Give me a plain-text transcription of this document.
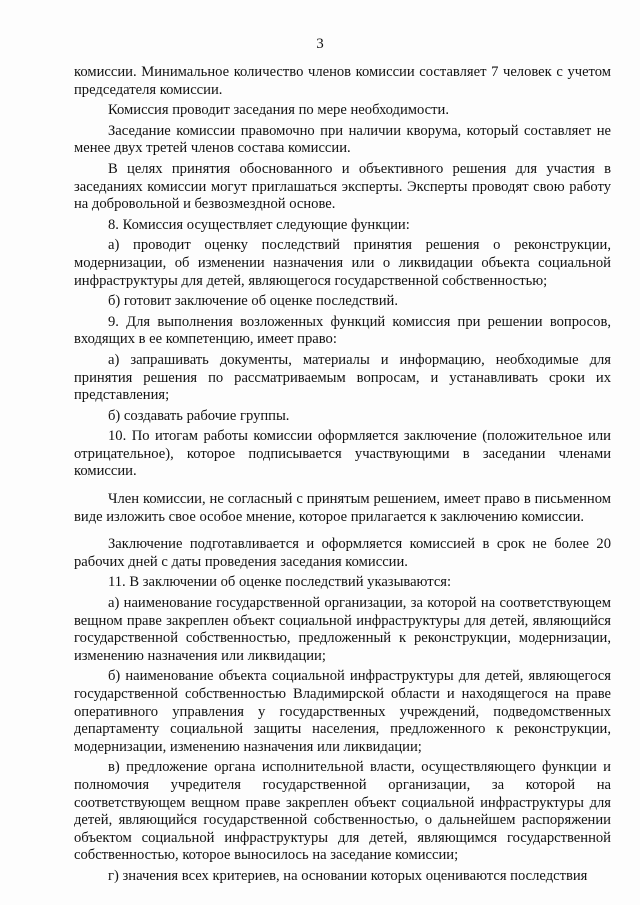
3

комиссии. Минимальное количество членов комиссии составляет 7 человек с учетом председателя комиссии.

Комиссия проводит заседания по мере необходимости.

Заседание комиссии правомочно при наличии кворума, который составляет не менее двух третей членов состава комиссии.

В целях принятия обоснованного и объективного решения для участия в заседаниях комиссии могут приглашаться эксперты. Эксперты проводят свою работу на добровольной и безвозмездной основе.

8. Комиссия осуществляет следующие функции:

а) проводит оценку последствий принятия решения о реконструкции, модернизации, об изменении назначения или о ликвидации объекта социальной инфраструктуры для детей, являющегося государственной собственностью;

б) готовит заключение об оценке последствий.

9. Для выполнения возложенных функций комиссия при решении вопросов, входящих в ее компетенцию, имеет право:

а) запрашивать документы, материалы и информацию, необходимые для принятия решения по рассматриваемым вопросам, и устанавливать сроки их представления;

б) создавать рабочие группы.

10. По итогам работы комиссии оформляется заключение (положительное или отрицательное), которое подписывается участвующими в заседании членами комиссии.

Член комиссии, не согласный с принятым решением, имеет право в письменном виде изложить свое особое мнение, которое прилагается к заключению комиссии.

Заключение подготавливается и оформляется комиссией в срок не более 20 рабочих дней с даты проведения заседания комиссии.

11. В заключении об оценке последствий указываются:

а) наименование государственной организации, за которой на соответствующем вещном праве закреплен объект социальной инфраструктуры для детей, являющийся государственной собственностью, предложенный к реконструкции, модернизации, изменению назначения или ликвидации;

б) наименование объекта социальной инфраструктуры для детей, являющегося государственной собственностью Владимирской области и находящегося на праве оперативного управления у государственных учреждений, подведомственных департаменту социальной защиты населения, предложенного к реконструкции, модернизации, изменению назначения или ликвидации;

в) предложение органа исполнительной власти, осуществляющего функции и полномочия учредителя государственной организации, за которой на соответствующем вещном праве закреплен объект социальной инфраструктуры для детей, являющийся государственной собственностью, о дальнейшем распоряжении объектом социальной инфраструктуры для детей, являющимся государственной собственностью, которое выносилось на заседание комиссии;

г) значения всех критериев, на основании которых оцениваются последствия
